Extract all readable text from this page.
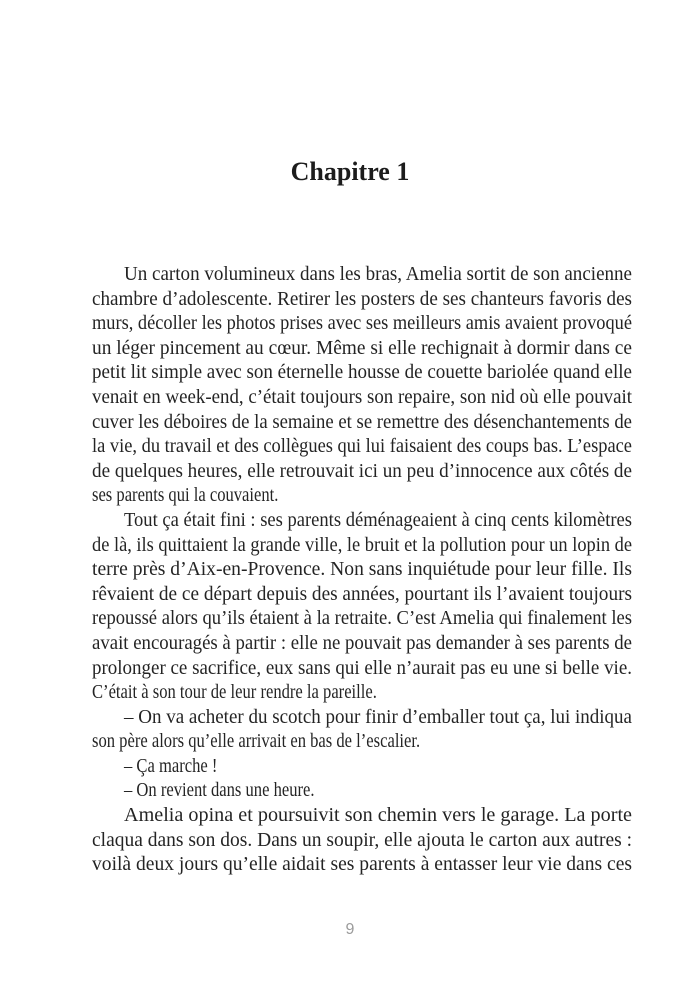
Chapitre 1
Un carton volumineux dans les bras, Amelia sortit de son ancienne
chambre d’adolescente. Retirer les posters de ses chanteurs favoris des
murs, décoller les photos prises avec ses meilleurs amis avaient provoqué
un léger pincement au cœur. Même si elle rechignait à dormir dans ce
petit lit simple avec son éternelle housse de couette bariolée quand elle
venait en week-end, c’était toujours son repaire, son nid où elle pouvait
cuver les déboires de la semaine et se remettre des désenchantements de
la vie, du travail et des collègues qui lui faisaient des coups bas. L’espace
de quelques heures, elle retrouvait ici un peu d’innocence aux côtés de
ses parents qui la couvaient.
Tout ça était fini : ses parents déménageaient à cinq cents kilomètres
de là, ils quittaient la grande ville, le bruit et la pollution pour un lopin de
terre près d’Aix-en-Provence. Non sans inquiétude pour leur fille. Ils
rêvaient de ce départ depuis des années, pourtant ils l’avaient toujours
repoussé alors qu’ils étaient à la retraite. C’est Amelia qui finalement les
avait encouragés à partir : elle ne pouvait pas demander à ses parents de
prolonger ce sacrifice, eux sans qui elle n’aurait pas eu une si belle vie.
C’était à son tour de leur rendre la pareille.
– On va acheter du scotch pour finir d’emballer tout ça, lui indiqua
son père alors qu’elle arrivait en bas de l’escalier.
– Ça marche !
– On revient dans une heure.
Amelia opina et poursuivit son chemin vers le garage. La porte
claqua dans son dos. Dans un soupir, elle ajouta le carton aux autres :
voilà deux jours qu’elle aidait ses parents à entasser leur vie dans ces
9
